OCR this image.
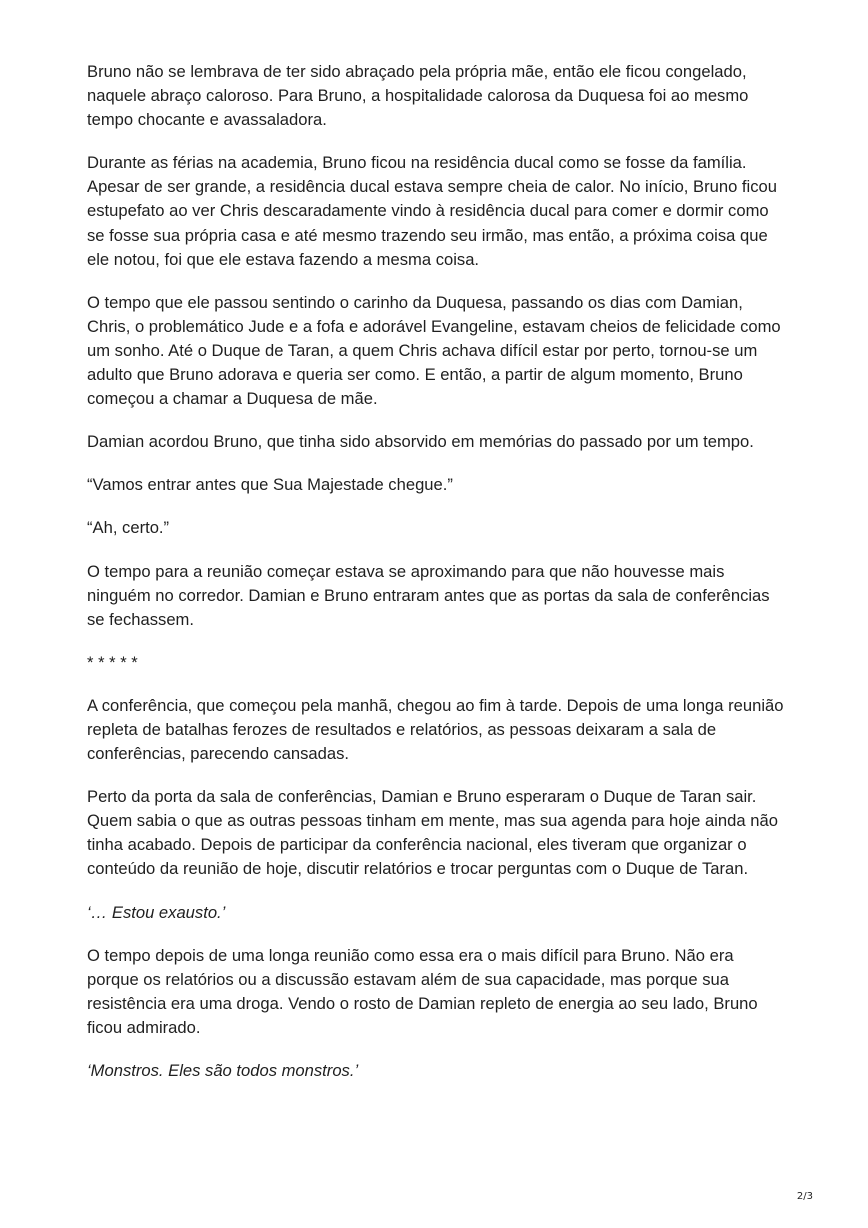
Bruno não se lembrava de ter sido abraçado pela própria mãe, então ele ficou congelado, naquele abraço caloroso. Para Bruno, a hospitalidade calorosa da Duquesa foi ao mesmo tempo chocante e avassaladora.

Durante as férias na academia, Bruno ficou na residência ducal como se fosse da família. Apesar de ser grande, a residência ducal estava sempre cheia de calor. No início, Bruno ficou estupefato ao ver Chris descaradamente vindo à residência ducal para comer e dormir como se fosse sua própria casa e até mesmo trazendo seu irmão, mas então, a próxima coisa que ele notou, foi que ele estava fazendo a mesma coisa.

O tempo que ele passou sentindo o carinho da Duquesa, passando os dias com Damian, Chris, o problemático Jude e a fofa e adorável Evangeline, estavam cheios de felicidade como um sonho. Até o Duque de Taran, a quem Chris achava difícil estar por perto, tornou-se um adulto que Bruno adorava e queria ser como. E então, a partir de algum momento, Bruno começou a chamar a Duquesa de mãe.

Damian acordou Bruno, que tinha sido absorvido em memórias do passado por um tempo.

“Vamos entrar antes que Sua Majestade chegue.”

“Ah, certo.”

O tempo para a reunião começar estava se aproximando para que não houvesse mais ninguém no corredor. Damian e Bruno entraram antes que as portas da sala de conferências se fechassem.

* * * * *

A conferência, que começou pela manhã, chegou ao fim à tarde. Depois de uma longa reunião repleta de batalhas ferozes de resultados e relatórios, as pessoas deixaram a sala de conferências, parecendo cansadas.

Perto da porta da sala de conferências, Damian e Bruno esperaram o Duque de Taran sair. Quem sabia o que as outras pessoas tinham em mente, mas sua agenda para hoje ainda não tinha acabado. Depois de participar da conferência nacional, eles tiveram que organizar o conteúdo da reunião de hoje, discutir relatórios e trocar perguntas com o Duque de Taran.

‘… Estou exausto.’

O tempo depois de uma longa reunião como essa era o mais difícil para Bruno. Não era porque os relatórios ou a discussão estavam além de sua capacidade, mas porque sua resistência era uma droga. Vendo o rosto de Damian repleto de energia ao seu lado, Bruno ficou admirado.

‘Monstros. Eles são todos monstros.’

2/3
